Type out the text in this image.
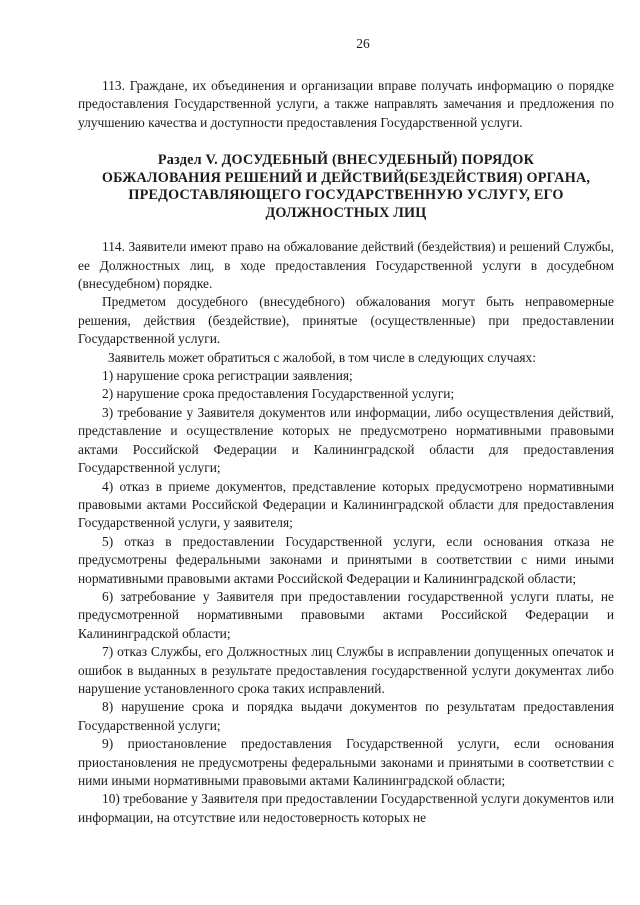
26

113. Граждане, их объединения и организации вправе получать информацию о порядке предоставления Государственной услуги, а также направлять замечания и предложения по улучшению качества и доступности предоставления Государственной услуги.

Раздел V. ДОСУДЕБНЫЙ (ВНЕСУДЕБНЫЙ) ПОРЯДОК
ОБЖАЛОВАНИЯ РЕШЕНИЙ И ДЕЙСТВИЙ(БЕЗДЕЙСТВИЯ) ОРГАНА,
ПРЕДОСТАВЛЯЮЩЕГО ГОСУДАРСТВЕННУЮ УСЛУГУ, ЕГО
ДОЛЖНОСТНЫХ ЛИЦ

114. Заявители имеют право на обжалование действий (бездействия) и решений Службы, ее Должностных лиц, в ходе предоставления Государственной услуги в досудебном (внесудебном) порядке.

Предметом досудебного (внесудебного) обжалования могут быть неправомерные решения, действия (бездействие), принятые (осуществленные) при предоставлении Государственной услуги.

Заявитель может обратиться с жалобой, в том числе в следующих случаях:

1) нарушение срока регистрации заявления;

2) нарушение срока предоставления Государственной услуги;

3) требование у Заявителя документов или информации, либо осуществления действий, представление и осуществление которых не предусмотрено нормативными правовыми актами Российской Федерации и Калининградской области для предоставления Государственной услуги;

4) отказ в приеме документов, представление которых предусмотрено нормативными правовыми актами Российской Федерации и Калининградской области для предоставления Государственной услуги, у заявителя;

5) отказ в предоставлении Государственной услуги, если основания отказа не предусмотрены федеральными законами и принятыми в соответствии с ними иными нормативными правовыми актами Российской Федерации и Калининградской области;

6) затребование у Заявителя при предоставлении государственной услуги платы, не предусмотренной нормативными правовыми актами Российской Федерации и Калининградской области;

7) отказ Службы, его Должностных лиц Службы в исправлении допущенных опечаток и ошибок в выданных в результате предоставления государственной услуги документах либо нарушение установленного срока таких исправлений.

8) нарушение срока и порядка выдачи документов по результатам предоставления Государственной услуги;

9) приостановление предоставления Государственной услуги, если основания приостановления не предусмотрены федеральными законами и принятыми в соответствии с ними иными нормативными правовыми актами Калининградской области;

10) требование у Заявителя при предоставлении Государственной услуги документов или информации, на отсутствие или недостоверность которых не
